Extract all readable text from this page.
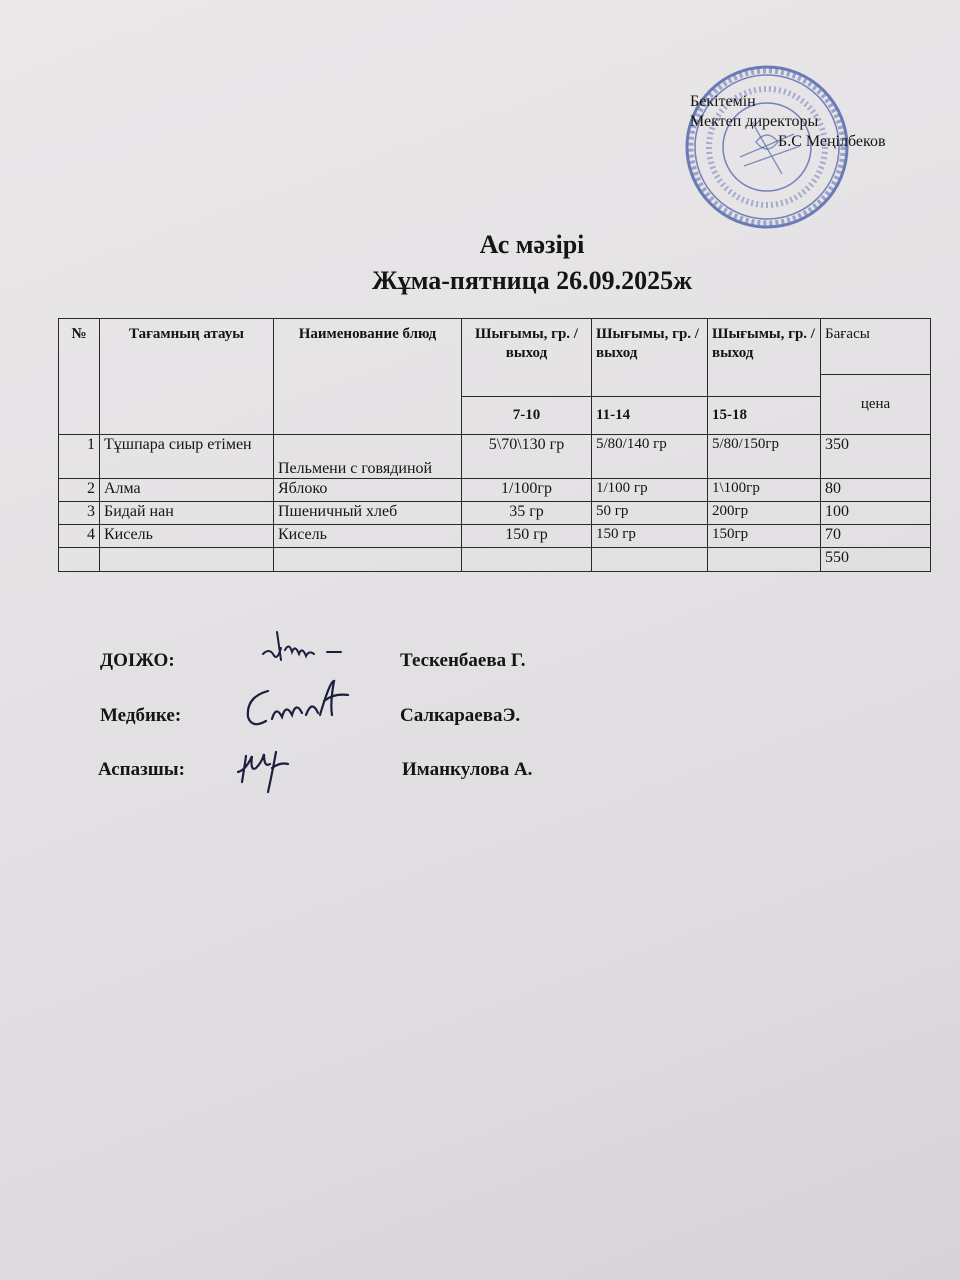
Бекітемін
Мектеп директоры
Б.С Меңілбеков
Ас мәзірі
Жұма-пятница 26.09.2025ж
№	Тағамның атауы	Наименование блюд	Шығымы, гр. / выход	Шығымы, гр. / выход	Шығымы, гр. / выход	Бағасы
						цена
			7-10	11-14	15-18	
1	Тұшпара сиыр етімен	Пельмени с говядиной	5\70\130 гр	5/80/140 гр	5/80/150гр	350
2	Алма	Яблоко	1/100гр	1/100 гр	1\100гр	80
3	Бидай нан	Пшеничный хлеб	35 гр	50 гр	200гр	100
4	Кисель	Кисель	150 гр	150 гр	150гр	70
						550
ДОІЖО:	Тескенбаева Г.
Медбике:	СалкараеваЭ.
Аспазшы:	Иманкулова А.
